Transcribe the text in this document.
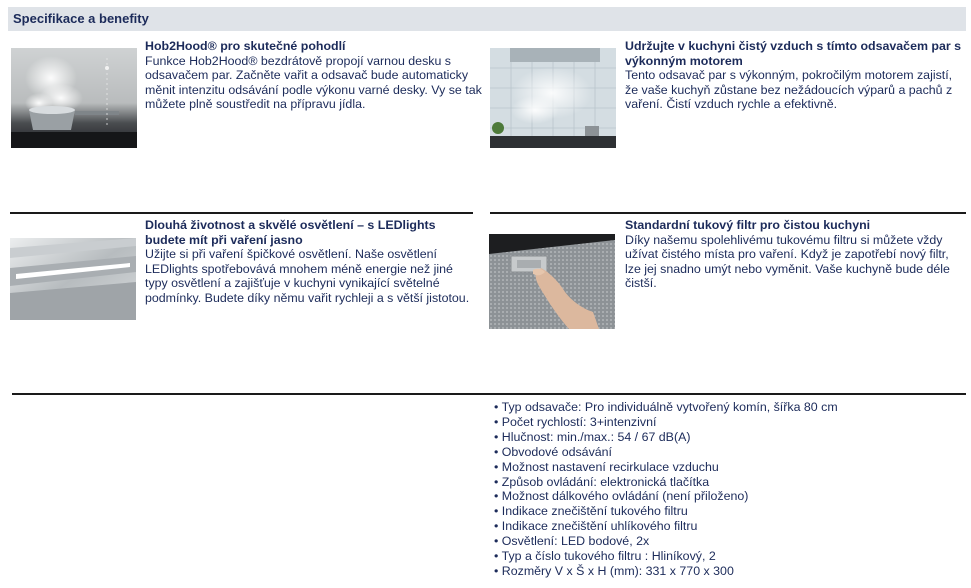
Specifikace a benefity
Hob2Hood® pro skutečné pohodlí
Funkce Hob2Hood® bezdrátově propojí varnou desku s odsavačem par. Začněte vařit a odsavač bude automaticky měnit intenzitu odsávání podle výkonu varné desky. Vy se tak můžete plně soustředit na přípravu jídla.
Udržujte v kuchyni čistý vzduch s tímto odsavačem par s výkonným motorem
Tento odsavač par s výkonným, pokročilým motorem zajistí, že vaše kuchyň zůstane bez nežádoucích výparů a pachů z vaření. Čistí vzduch rychle a efektivně.
Dlouhá životnost a skvělé osvětlení – s LEDlights budete mít při vaření jasno
Užijte si při vaření špičkové osvětlení. Naše osvětlení LEDlights spotřebovává mnohem méně energie než jiné typy osvětlení a zajišťuje v kuchyni vynikající světelné podmínky. Budete díky němu vařit rychleji a s větší jistotou.
Standardní tukový filtr pro čistou kuchyni
Díky našemu spolehlivému tukovému filtru si můžete vždy užívat čistého místa pro vaření. Když je zapotřebí nový filtr, lze jej snadno umýt nebo vyměnit. Vaše kuchyně bude déle čistší.
• Typ odsavače: Pro individuálně vytvořený komín, šířka 80 cm
• Počet rychlostí: 3+intenzivní
• Hlučnost: min./max.: 54 / 67 dB(A)
• Obvodové odsávání
• Možnost nastavení recirkulace vzduchu
• Způsob ovládání: elektronická tlačítka
• Možnost dálkového ovládání (není přiloženo)
• Indikace znečištění tukového filtru
• Indikace znečištění uhlíkového filtru
• Osvětlení: LED bodové, 2x
• Typ a číslo tukového filtru : Hliníkový, 2
• Rozměry V x Š x H (mm): 331 x 770 x 300
